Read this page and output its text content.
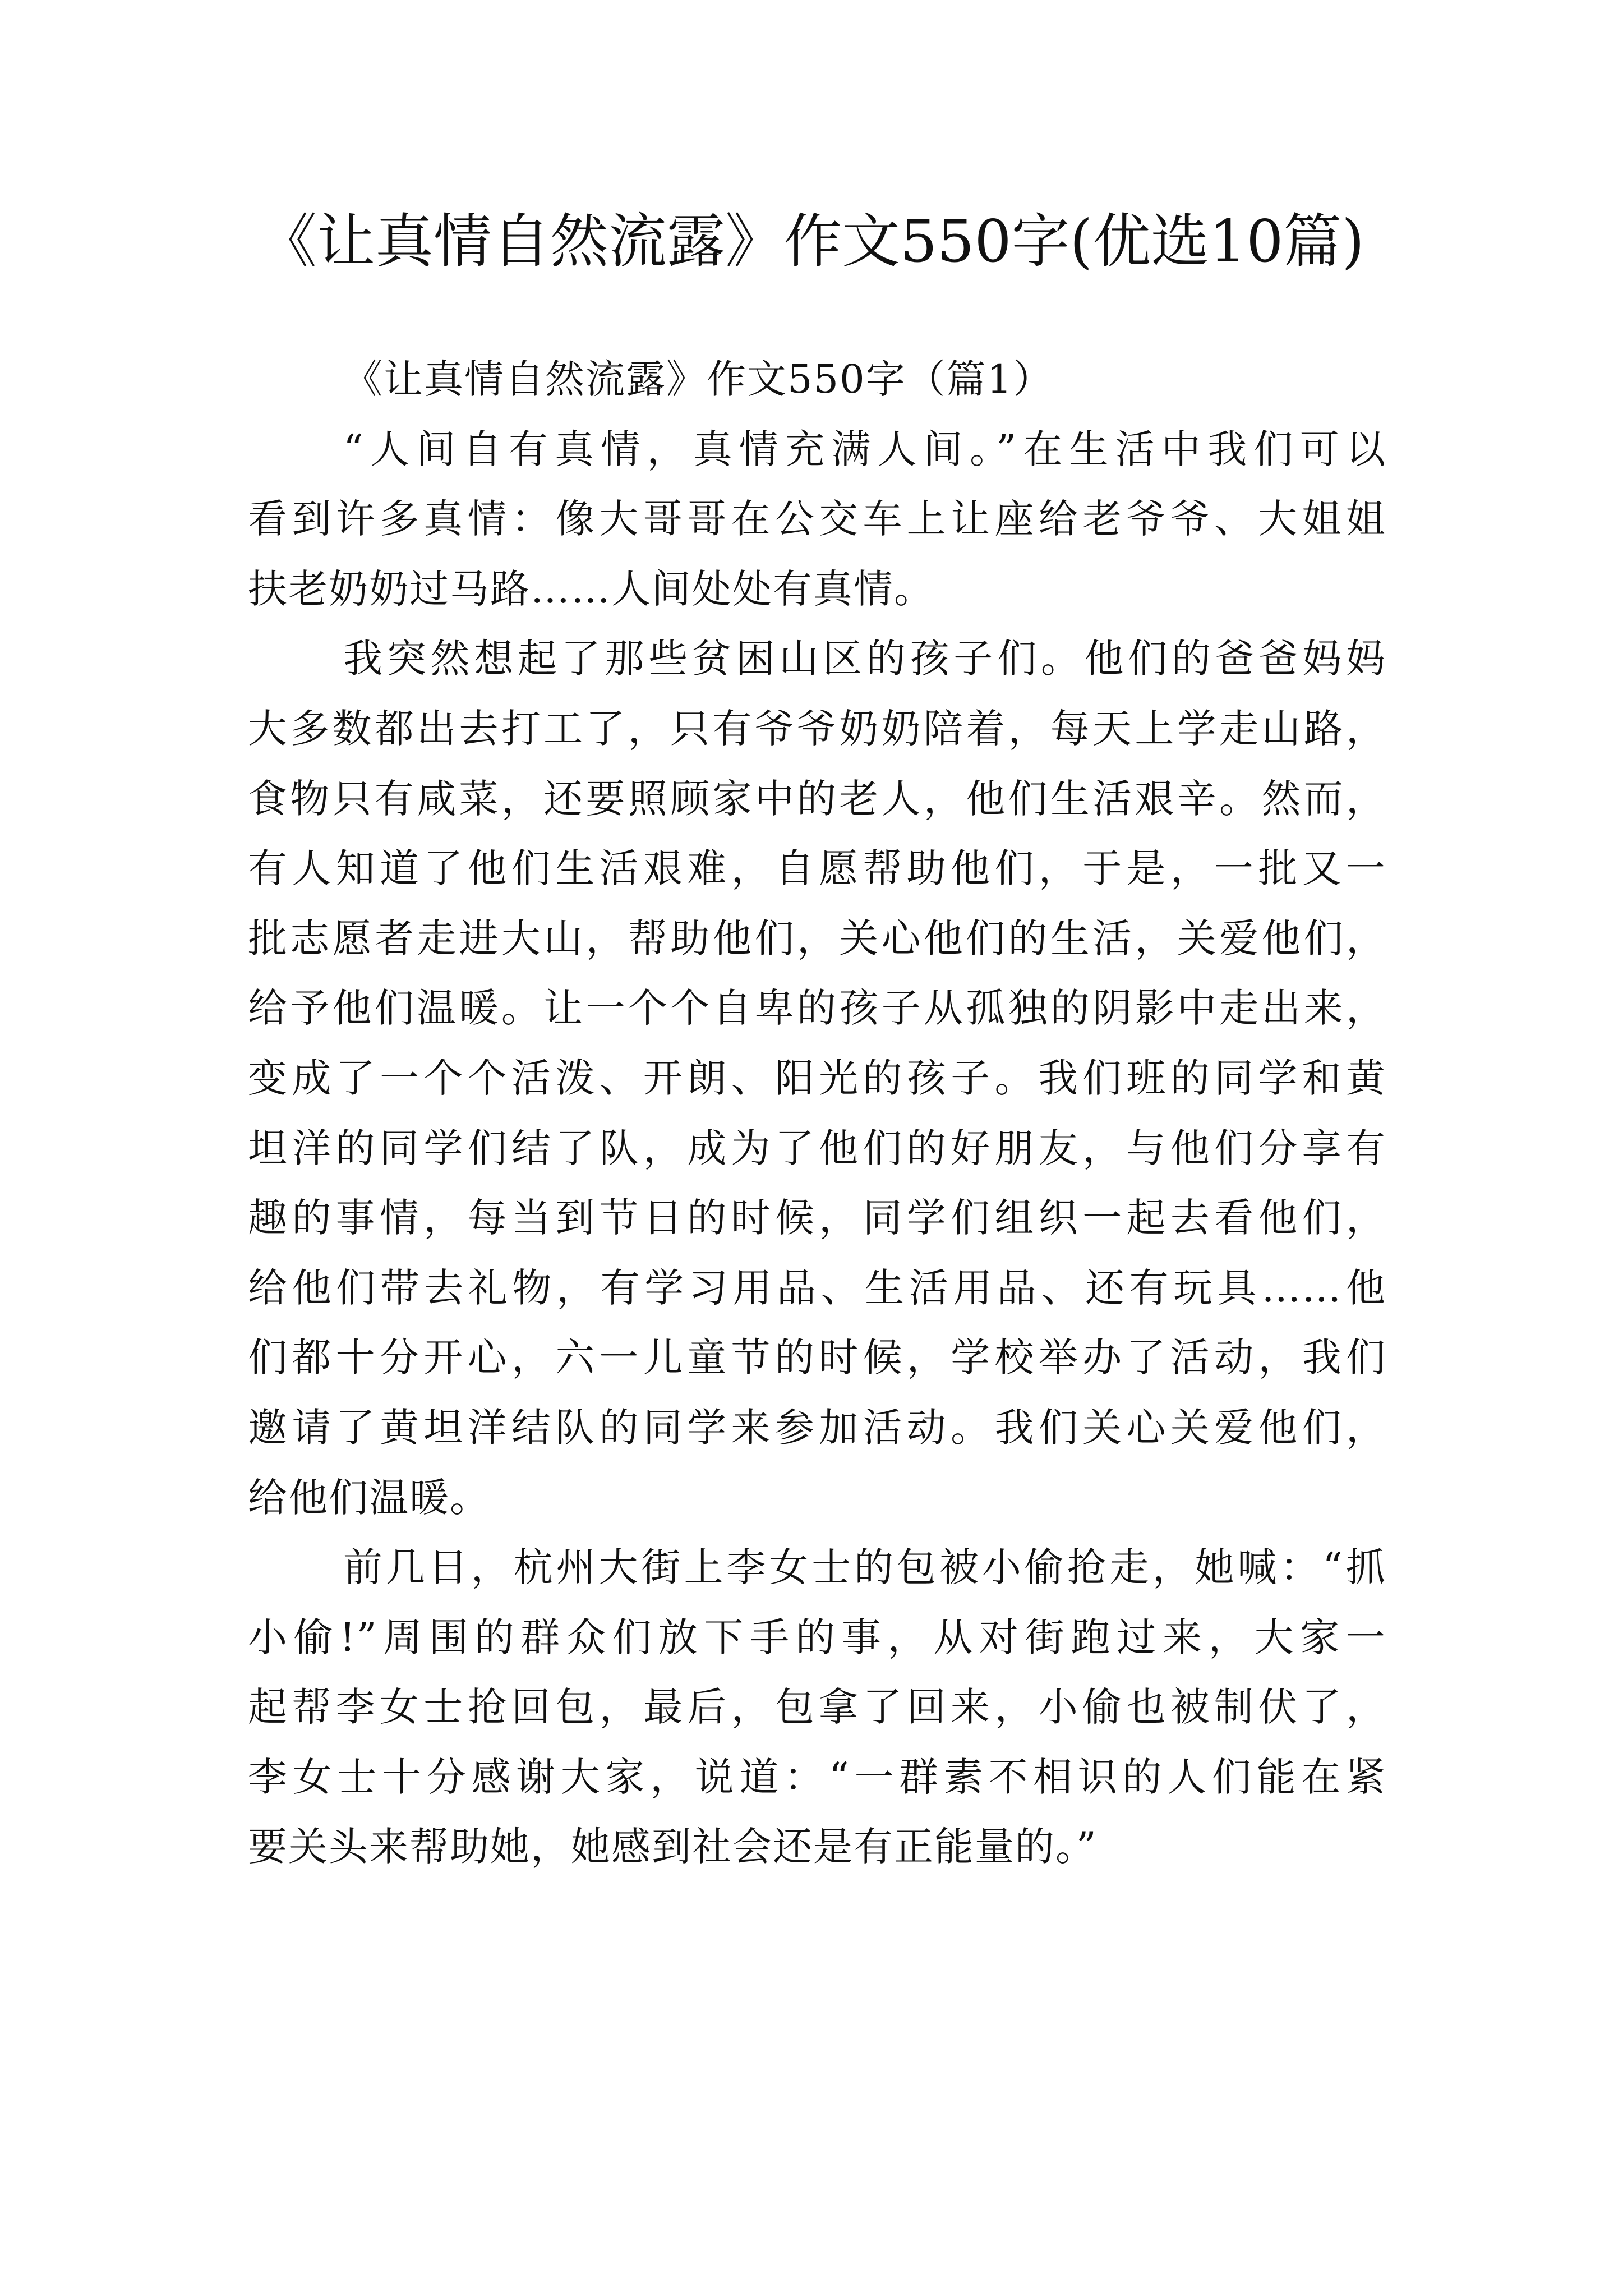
《让真情自然流露》作文550字(优选10篇)
《让真情自然流露》作文550字（篇1）
“人间自有真情，真情充满人间。”在生活中我们可以
看到许多真情：像大哥哥在公交车上让座给老爷爷、大姐姐
扶老奶奶过马路……人间处处有真情。
我突然想起了那些贫困山区的孩子们。他们的爸爸妈妈
大多数都出去打工了，只有爷爷奶奶陪着，每天上学走山路，
食物只有咸菜，还要照顾家中的老人，他们生活艰辛。然而，
有人知道了他们生活艰难，自愿帮助他们，于是，一批又一
批志愿者走进大山，帮助他们，关心他们的生活，关爱他们，
给予他们温暖。让一个个自卑的孩子从孤独的阴影中走出来，
变成了一个个活泼、开朗、阳光的孩子。我们班的同学和黄
坦洋的同学们结了队，成为了他们的好朋友，与他们分享有
趣的事情，每当到节日的时候，同学们组织一起去看他们，
给他们带去礼物，有学习用品、生活用品、还有玩具……他
们都十分开心，六一儿童节的时候，学校举办了活动，我们
邀请了黄坦洋结队的同学来参加活动。我们关心关爱他们，
给他们温暖。
前几日，杭州大街上李女士的包被小偷抢走，她喊：“抓
小偷!”周围的群众们放下手的事，从对街跑过来，大家一
起帮李女士抢回包，最后，包拿了回来，小偷也被制伏了，
李女士十分感谢大家，说道：“一群素不相识的人们能在紧
要关头来帮助她，她感到社会还是有正能量的。”
